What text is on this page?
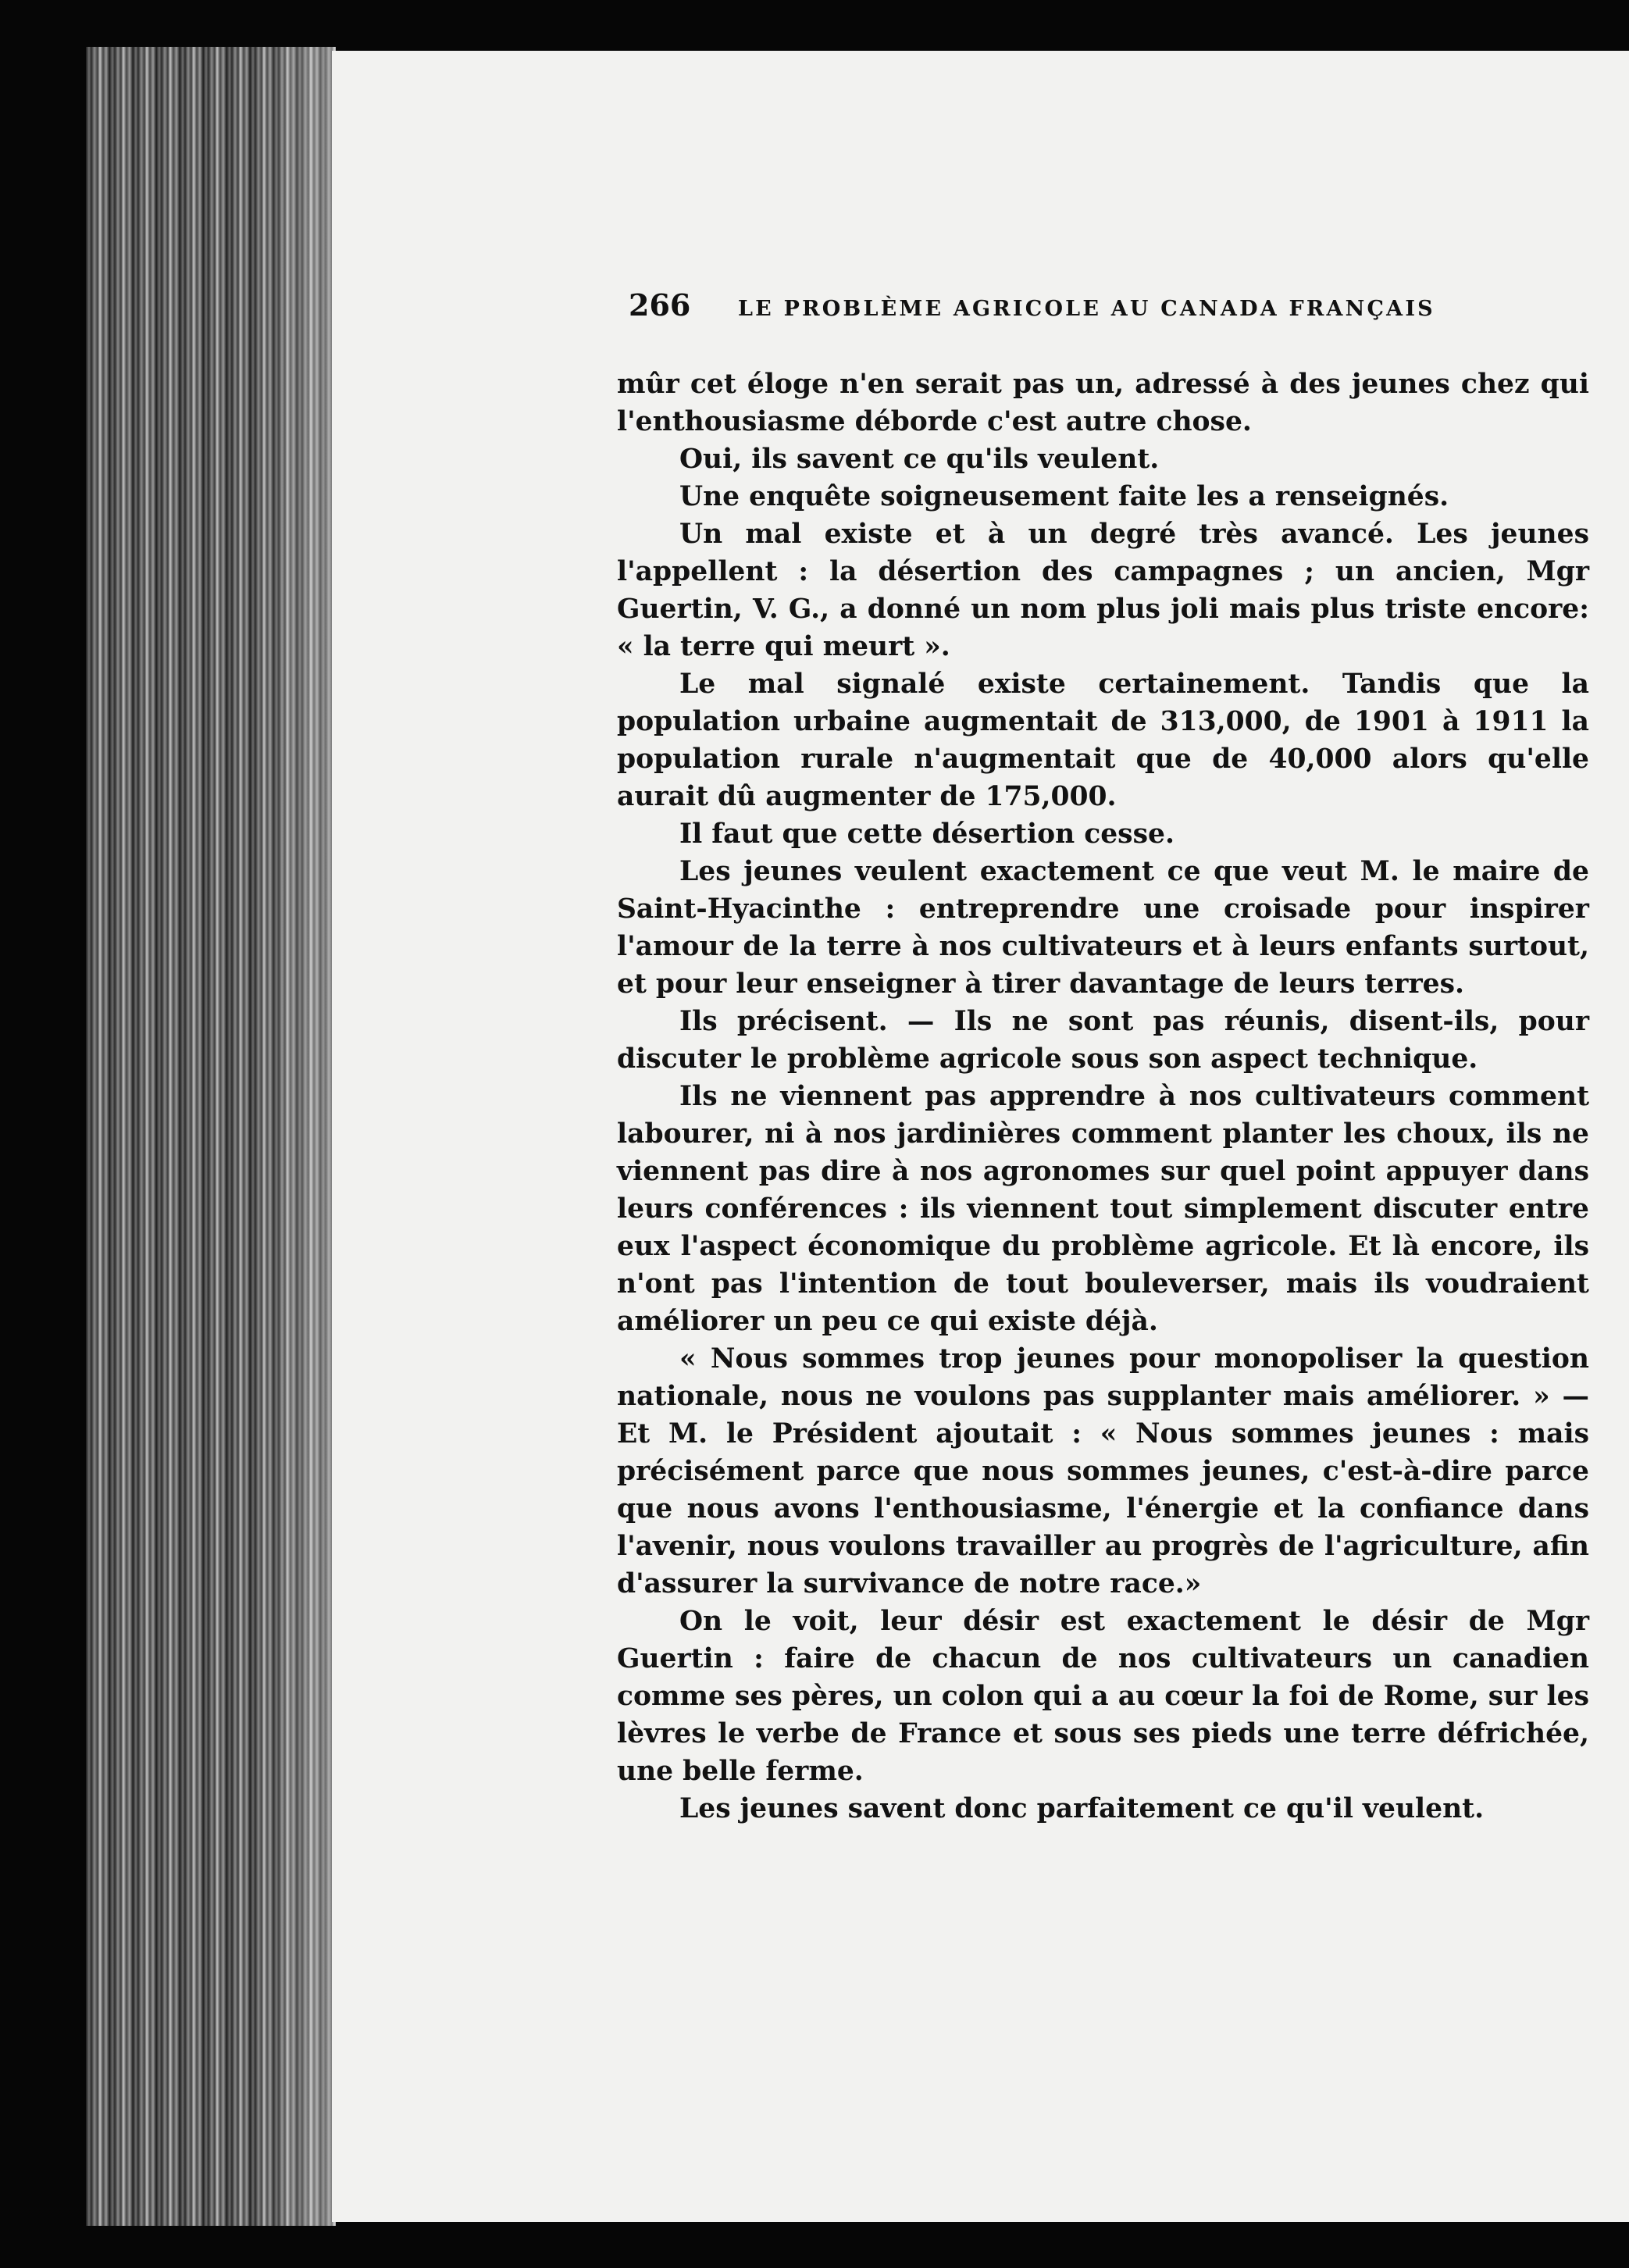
266	LE PROBLÈME AGRICOLE AU CANADA FRANÇAIS

mûr cet éloge n'en serait pas un, adressé à des jeunes chez qui l'enthousiasme déborde c'est autre chose.

Oui, ils savent ce qu'ils veulent.

Une enquête soigneusement faite les a renseignés.

Un mal existe et à un degré très avancé. Les jeunes l'appellent : la désertion des campagnes ; un ancien, Mgr Guertin, V. G., a donné un nom plus joli mais plus triste encore: « la terre qui meurt ».

Le mal signalé existe certainement. Tandis que la population urbaine augmentait de 313,000, de 1901 à 1911 la population rurale n'augmentait que de 40,000 alors qu'elle aurait dû augmenter de 175,000.

Il faut que cette désertion cesse.

Les jeunes veulent exactement ce que veut M. le maire de Saint-Hyacinthe : entreprendre une croisade pour inspirer l'amour de la terre à nos cultivateurs et à leurs enfants surtout, et pour leur enseigner à tirer davantage de leurs terres.

Ils précisent. — Ils ne sont pas réunis, disent-ils, pour discuter le problème agricole sous son aspect technique.

Ils ne viennent pas apprendre à nos cultivateurs comment labourer, ni à nos jardinières comment planter les choux, ils ne viennent pas dire à nos agronomes sur quel point appuyer dans leurs conférences : ils viennent tout simplement discuter entre eux l'aspect économique du problème agricole. Et là encore, ils n'ont pas l'intention de tout bouleverser, mais ils voudraient améliorer un peu ce qui existe déjà.

« Nous sommes trop jeunes pour monopoliser la question nationale, nous ne voulons pas supplanter mais améliorer. » — Et M. le Président ajoutait : « Nous sommes jeunes : mais précisément parce que nous sommes jeunes, c'est-à-dire parce que nous avons l'enthousiasme, l'énergie et la confiance dans l'avenir, nous voulons travailler au progrès de l'agriculture, afin d'assurer la survivance de notre race.»

On le voit, leur désir est exactement le désir de Mgr Guertin : faire de chacun de nos cultivateurs un canadien comme ses pères, un colon qui a au cœur la foi de Rome, sur les lèvres le verbe de France et sous ses pieds une terre défrichée, une belle ferme.

Les jeunes savent donc parfaitement ce qu'il veulent.
